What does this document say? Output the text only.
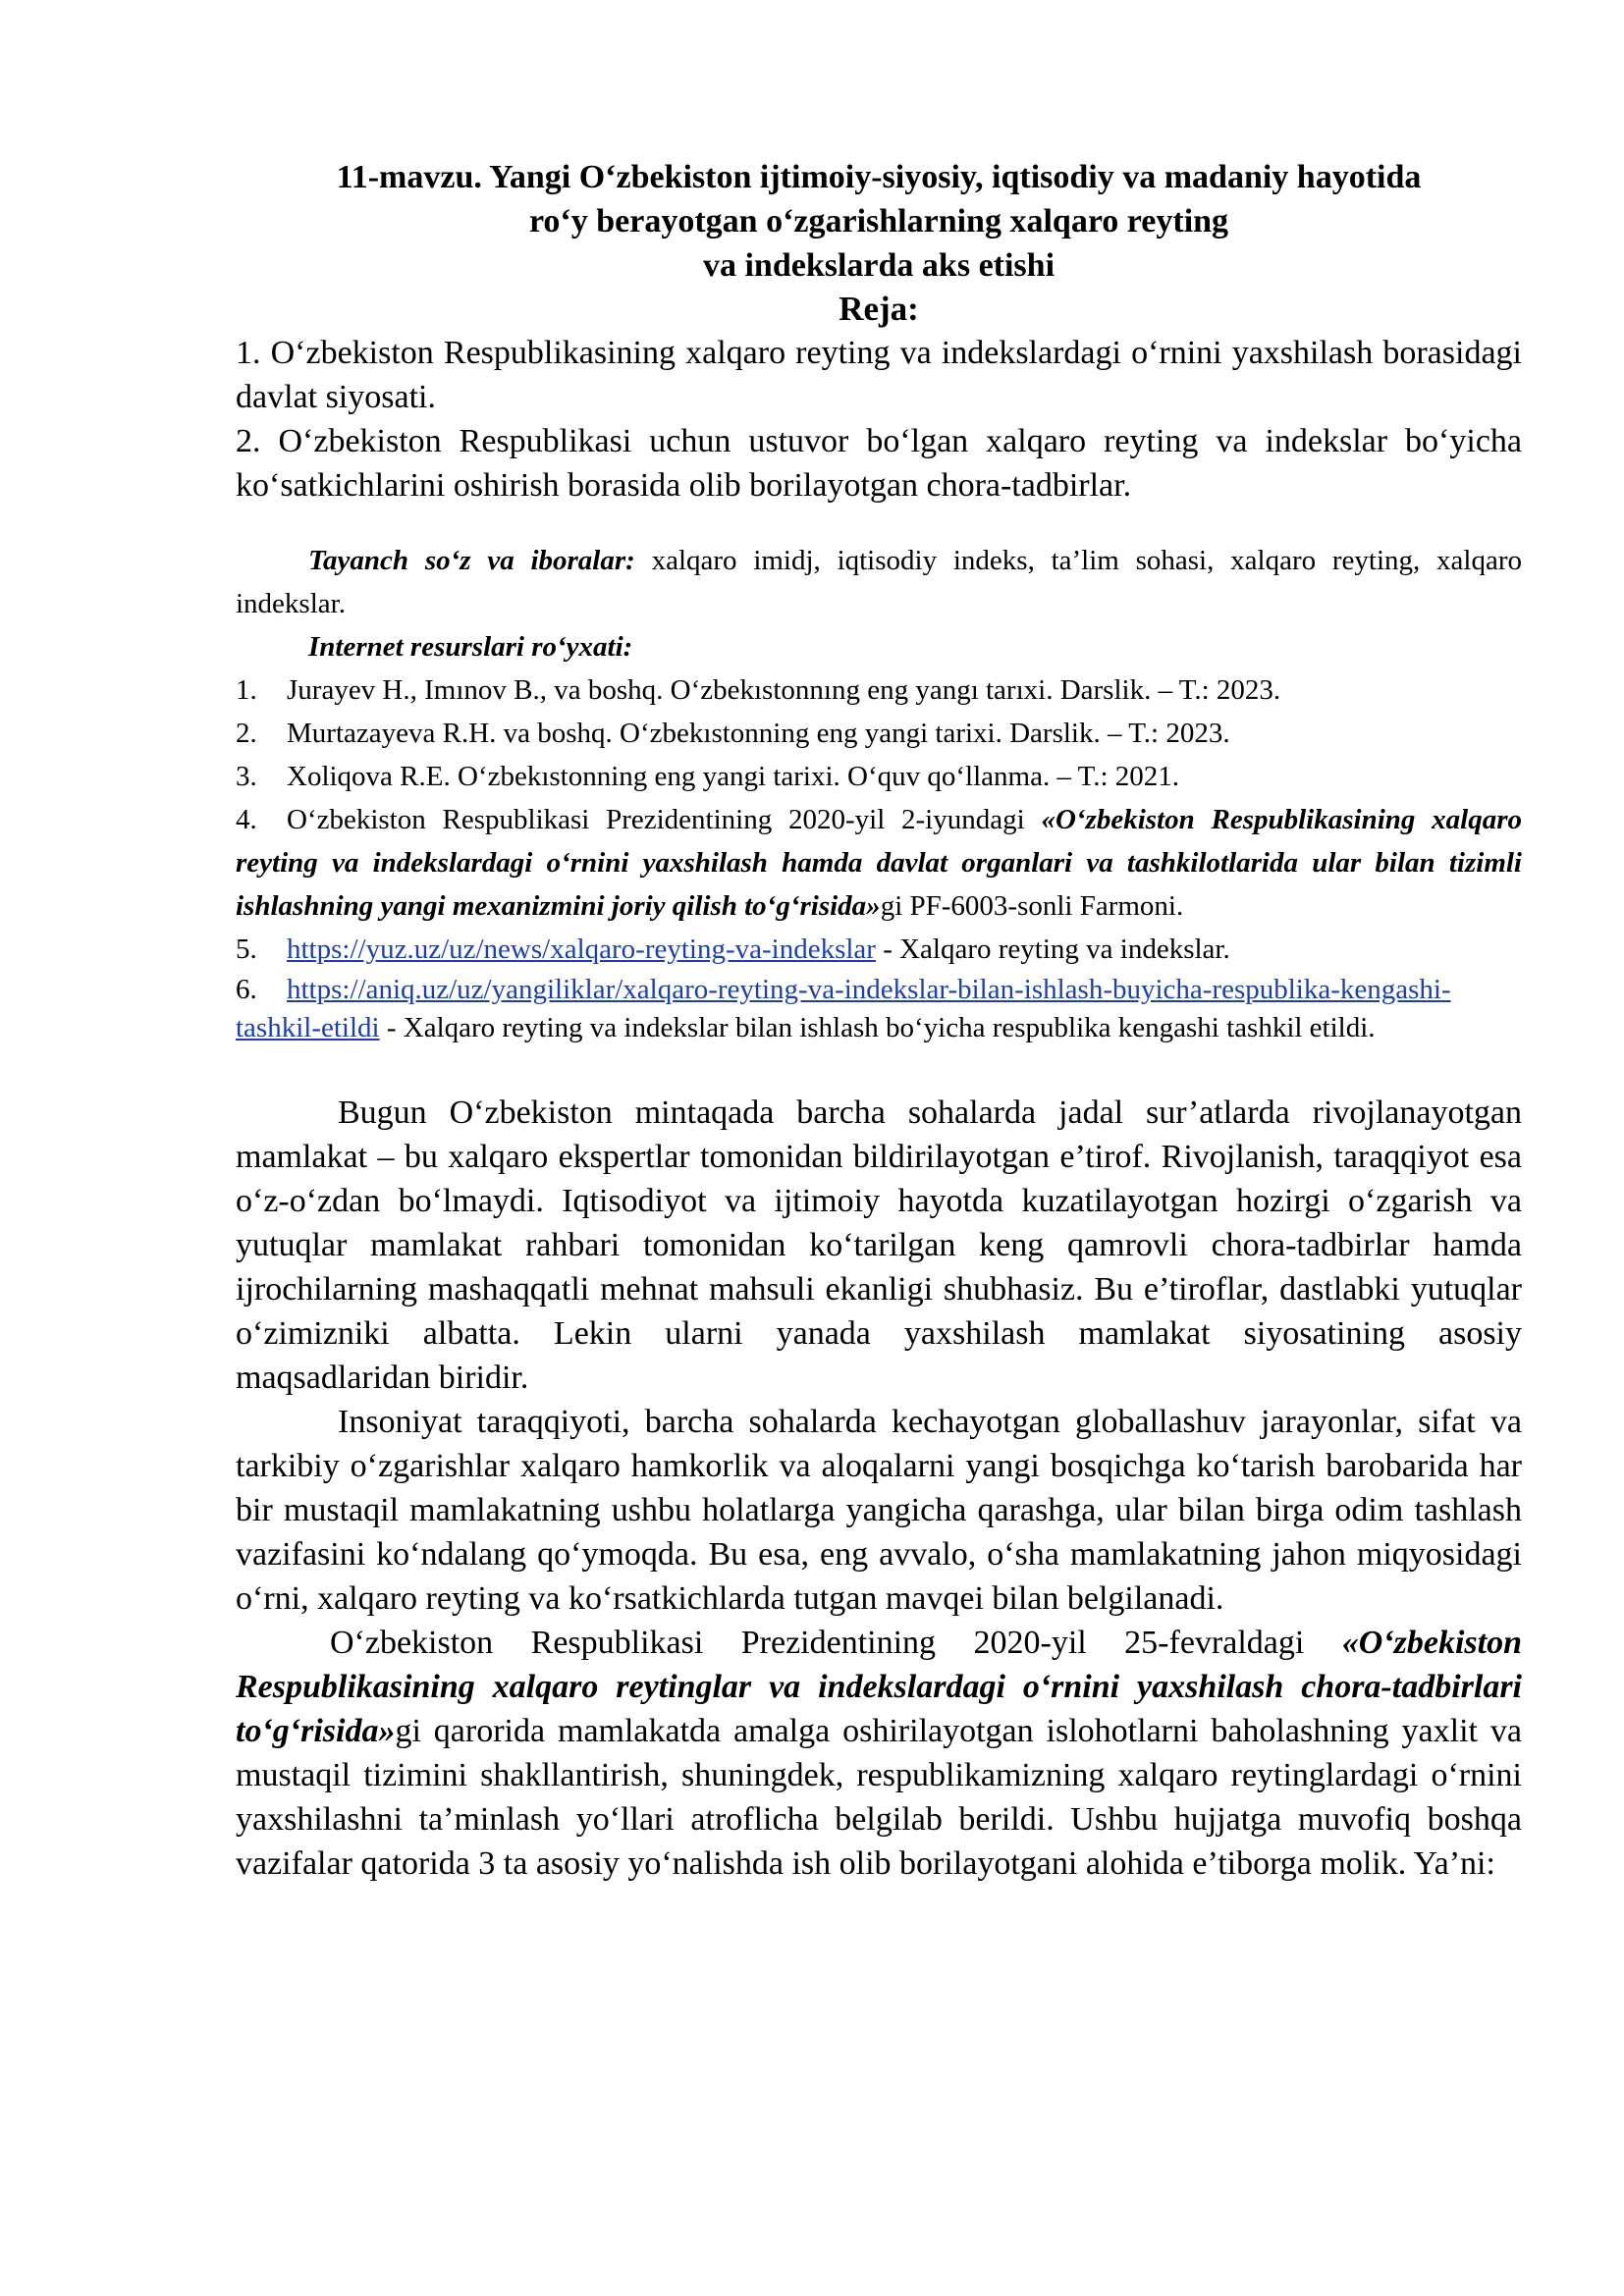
11-mavzu. Yangi O‘zbekiston ijtimoiy-siyosiy, iqtisodiy va madaniy hayotida
ro‘y berayotgan o‘zgarishlarning xalqaro reyting
va indekslarda aks etishi

Reja:

1. O‘zbekiston Respublikasining xalqaro reyting va indekslardagi o‘rnini yaxshilash borasidagi davlat siyosati.

2. O‘zbekiston Respublikasi uchun ustuvor bo‘lgan xalqaro reyting va indekslar bo‘yicha ko‘satkichlarini oshirish borasida olib borilayotgan chora-tadbirlar.

Tayanch so‘z va iboralar: xalqaro imidj, iqtisodiy indeks, ta’lim sohasi, xalqaro reyting, xalqaro indekslar.

Internet resurslari ro‘yxati:

1. Jurayev H., Imınov B., va boshq. O‘zbekıstonnıng eng yangı tarıxi. Darslik. – T.: 2023.
2. Murtazayeva R.H. va boshq. O‘zbekıstonning eng yangi tarixi. Darslik. – T.: 2023.
3. Xoliqova R.E. O‘zbekıstonning eng yangi tarixi. O‘quv qo‘llanma. – T.: 2021.
4. O‘zbekiston Respublikasi Prezidentining 2020-yil 2-iyundagi «O‘zbekiston Respublikasining xalqaro reyting va indekslardagi o‘rnini yaxshilash hamda davlat organlari va tashkilotlarida ular bilan tizimli ishlashning yangi mexanizmini joriy qilish to‘g‘risida»gi PF-6003-sonli Farmoni.
5. https://yuz.uz/uz/news/xalqaro-reyting-va-indekslar - Xalqaro reyting va indekslar.
6. https://aniq.uz/uz/yangiliklar/xalqaro-reyting-va-indekslar-bilan-ishlash-buyicha-respublika-kengashi-tashkil-etildi - Xalqaro reyting va indekslar bilan ishlash bo‘yicha respublika kengashi tashkil etildi.

Bugun O‘zbekiston mintaqada barcha sohalarda jadal sur’atlarda rivojlanayotgan mamlakat – bu xalqaro ekspertlar tomonidan bildirilayotgan e’tirof. Rivojlanish, taraqqiyot esa o‘z-o‘zdan bo‘lmaydi. Iqtisodiyot va ijtimoiy hayotda kuzatilayotgan hozirgi o‘zgarish va yutuqlar mamlakat rahbari tomonidan ko‘tarilgan keng qamrovli chora-tadbirlar hamda ijrochilarning mashaqqatli mehnat mahsuli ekanligi shubhasiz. Bu e’tiroflar, dastlabki yutuqlar o‘zimizniki albatta. Lekin ularni yanada yaxshilash mamlakat siyosatining asosiy maqsadlaridan biridir.

Insoniyat taraqqiyoti, barcha sohalarda kechayotgan globallashuv jarayonlar, sifat va tarkibiy o‘zgarishlar xalqaro hamkorlik va aloqalarni yangi bosqichga ko‘tarish barobarida har bir mustaqil mamlakatning ushbu holatlarga yangicha qarashga, ular bilan birga odim tashlash vazifasini ko‘ndalang qo‘ymoqda. Bu esa, eng avvalo, o‘sha mamlakatning jahon miqyosidagi o‘rni, xalqaro reyting va ko‘rsatkichlarda tutgan mavqei bilan belgilanadi.

O‘zbekiston Respublikasi Prezidentining 2020-yil 25-fevraldagi «O‘zbekiston Respublikasining xalqaro reytinglar va indekslardagi o‘rnini yaxshilash chora-tadbirlari to‘g‘risida»gi qarorida mamlakatda amalga oshirilayotgan islohotlarni baholashning yaxlit va mustaqil tizimini shakllantirish, shuningdek, respublikamizning xalqaro reytinglardagi o‘rnini yaxshilashni ta’minlash yo‘llari atroflicha belgilab berildi. Ushbu hujjatga muvofiq boshqa vazifalar qatorida 3 ta asosiy yo‘nalishda ish olib borilayotgani alohida e’tiborga molik. Ya’ni:
